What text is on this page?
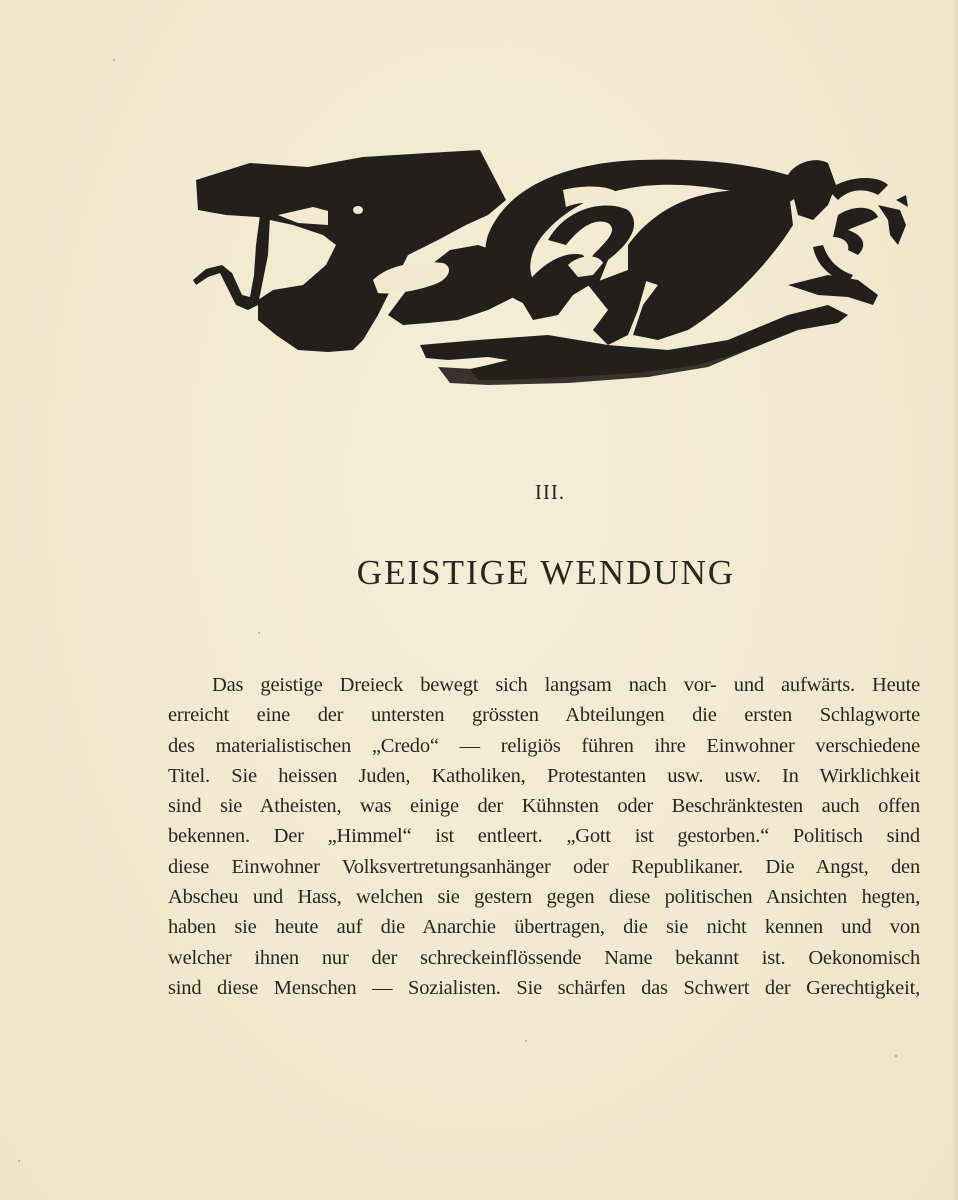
III.
GEISTIGE WENDUNG
Das geistige Dreieck bewegt sich langsam nach vor- und aufwärts. Heute
erreicht eine der untersten grössten Abteilungen die ersten Schlagworte
des materialistischen „Credo“ — religiös führen ihre Einwohner verschiedene
Titel. Sie heissen Juden, Katholiken, Protestanten usw. usw. In Wirklichkeit
sind sie Atheisten, was einige der Kühnsten oder Beschränktesten auch offen
bekennen. Der „Himmel“ ist entleert. „Gott ist gestorben.“ Politisch sind
diese Einwohner Volksvertretungsanhänger oder Republikaner. Die Angst, den
Abscheu und Hass, welchen sie gestern gegen diese politischen Ansichten hegten,
haben sie heute auf die Anarchie übertragen, die sie nicht kennen und von
welcher ihnen nur der schreckeinflössende Name bekannt ist. Oekonomisch
sind diese Menschen — Sozialisten. Sie schärfen das Schwert der Gerechtigkeit,
